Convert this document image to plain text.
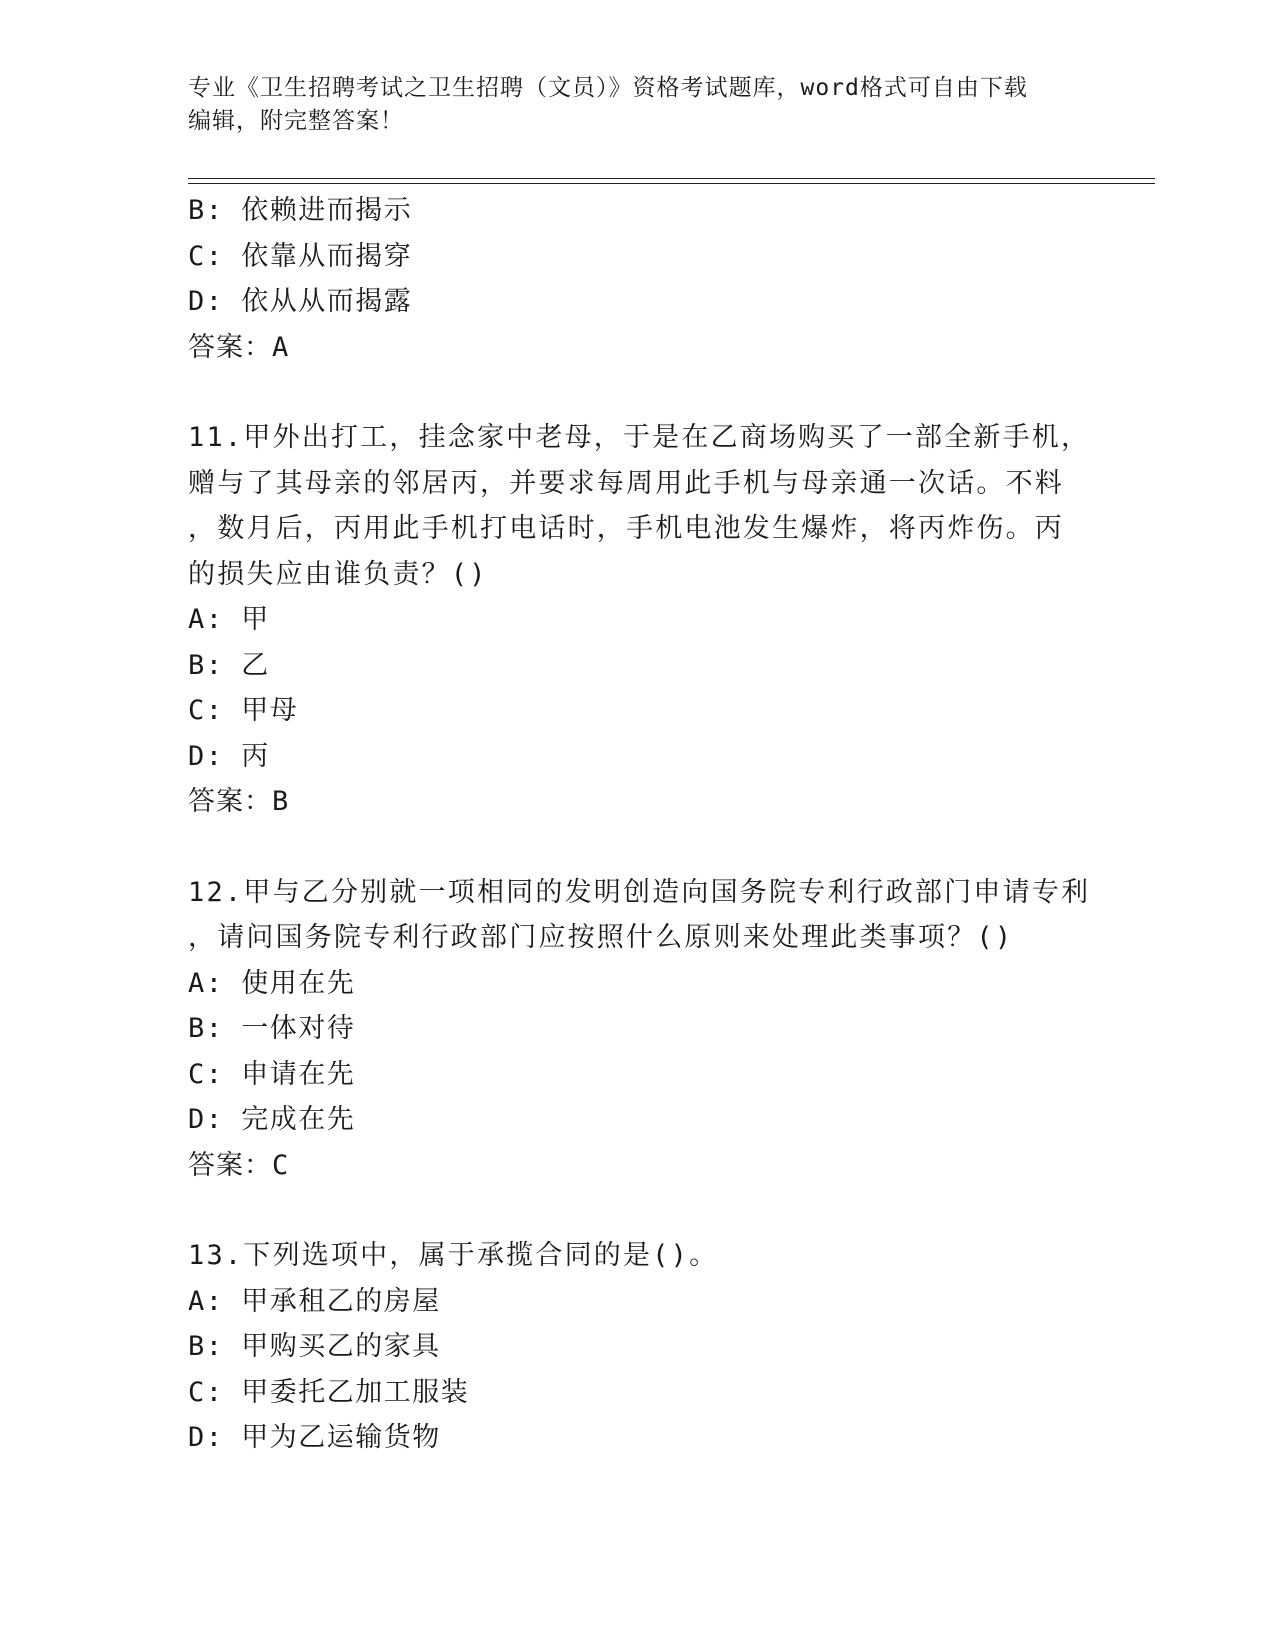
专业《卫生招聘考试之卫生招聘（文员）》资格考试题库，word格式可自由下载
编辑，附完整答案！
B: 依赖进而揭示
C: 依靠从而揭穿
D: 依从从而揭露
答案：A
11.甲外出打工，挂念家中老母，于是在乙商场购买了一部全新手机，
赠与了其母亲的邻居丙，并要求每周用此手机与母亲通一次话。不料
，数月后，丙用此手机打电话时，手机电池发生爆炸，将丙炸伤。丙
的损失应由谁负责？()
A: 甲
B: 乙
C: 甲母
D: 丙
答案：B
12.甲与乙分别就一项相同的发明创造向国务院专利行政部门申请专利
，请问国务院专利行政部门应按照什么原则来处理此类事项？()
A: 使用在先
B: 一体对待
C: 申请在先
D: 完成在先
答案：C
13.下列选项中，属于承揽合同的是()。
A: 甲承租乙的房屋
B: 甲购买乙的家具
C: 甲委托乙加工服装
D: 甲为乙运输货物
